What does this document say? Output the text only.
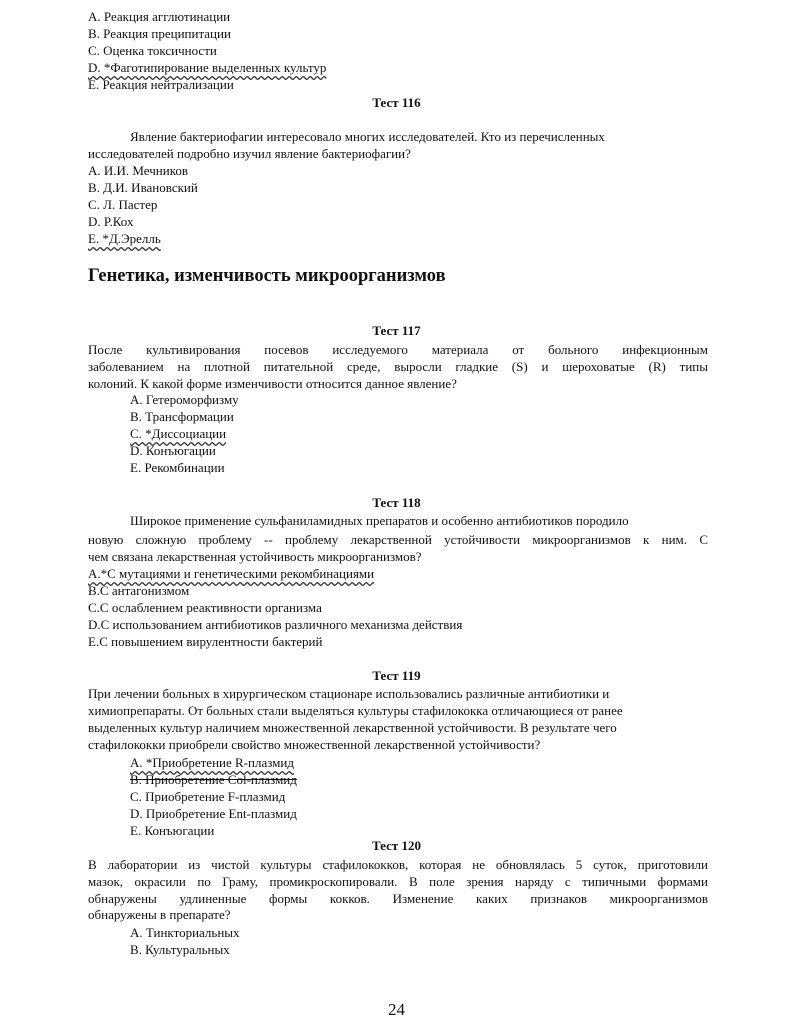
A. Реакция агглютинации
B. Реакция преципитации
C. Оценка токсичности
D. *Фаготипирование выделенных культур
E. Реакция нейтрализации
Тест 116
Явление бактериофагии интересовало многих исследователей. Кто из перечисленных
исследователей подробно изучил явление бактериофагии?
A. И.И. Мечников
B. Д.И. Ивановский
C. Л. Пастер
D. Р.Кох
E. *Д.Эрелль
Генетика, изменчивость микроорганизмов
Тест 117
После культивирования посевов исследуемого материала от больного инфекционным
заболеванием на плотной питательной среде, выросли гладкие (S) и шероховатые (R) типы
колоний. К какой форме изменчивости относится данное явление?
A. Гетероморфизму
B. Трансформации
C. *Диссоциации
D. Конъюгации
E. Рекомбинации
Тест 118
Широкое применение сульфаниламидных препаратов и особенно антибиотиков породило
новую сложную проблему -- проблему лекарственной устойчивости микроорганизмов к ним. С
чем связана лекарственная устойчивость микроорганизмов?
A.*С мутациями и генетическими рекомбинациями
B.С антагонизмом
C.С ослаблением реактивности организма
D.С использованием антибиотиков различного механизма действия
E.С повышением вирулентности бактерий
Тест 119
При лечении больных в хирургическом стационаре использовались различные антибиотики и
химиопрепараты. От больных стали выделяться культуры стафилококка отличающиеся от ранее
выделенных культур наличием множественной лекарственной устойчивости. В результате чего
стафилококки приобрели свойство множественной лекарственной устойчивости?
A. *Приобретение R-плазмид
B. Приобретение Col-плазмид
C. Приобретение F-плазмид
D. Приобретение Ent-плазмид
E. Конъюгации
Тест 120
В лаборатории из чистой культуры стафилококков, которая не обновлялась 5 суток, приготовили
мазок, окрасили по Граму, промикроскопировали. В поле зрения наряду с типичными формами
обнаружены удлиненные формы кокков. Изменение каких признаков микроорганизмов
обнаружены в препарате?
A. Тинкториальных
B. Культуральных
24
